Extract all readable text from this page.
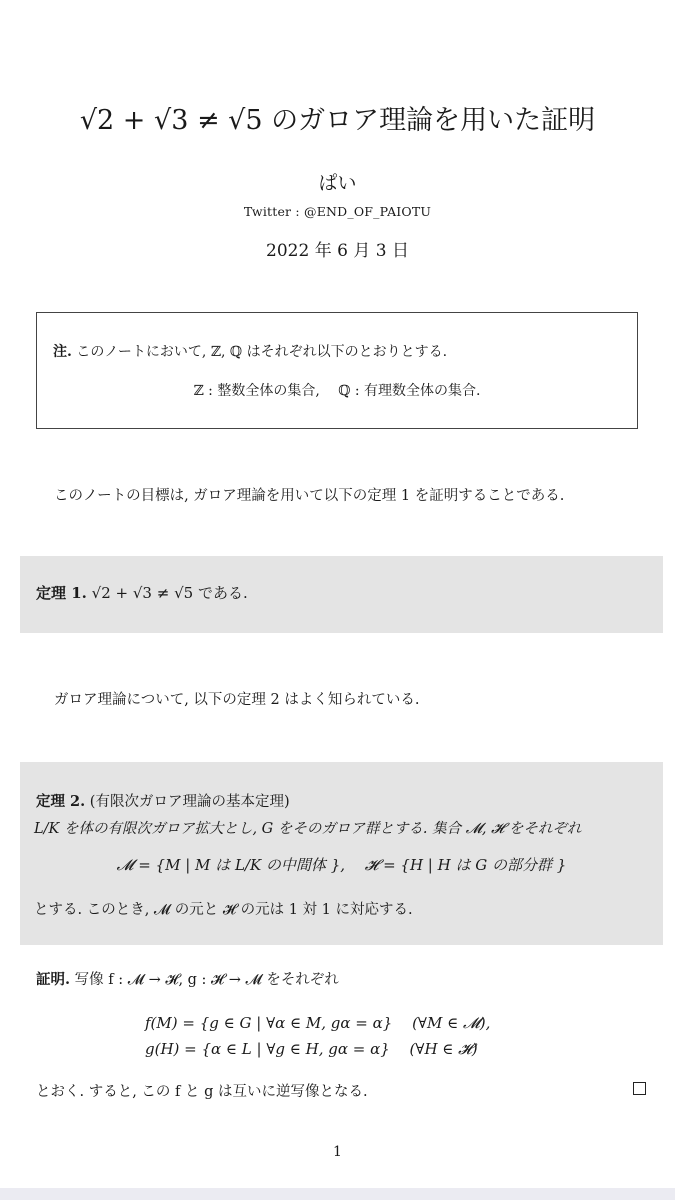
√2 + √3 ≠ √5 のガロア理論を用いた証明
ぱい
Twitter : @END_OF_PAIOTU
2022 年 6 月 3 日
注. このノートにおいて, ℤ, ℚ はそれぞれ以下のとおりとする.
ℤ : 整数全体の集合,　 ℚ : 有理数全体の集合.
このノートの目標は, ガロア理論を用いて以下の定理 1 を証明することである.
定理 1. √2 + √3 ≠ √5 である.
ガロア理論について, 以下の定理 2 はよく知られている.
定理 2. (有限次ガロア理論の基本定理)
L/K を体の有限次ガロア拡大とし, G をそのガロア群とする. 集合 𝓜, 𝓗 をそれぞれ
𝓜 = {M | M は L/K の中間体 },　 𝓗 = {H | H は G の部分群 }
とする. このとき, 𝓜 の元と 𝓗 の元は 1 対 1 に対応する.
証明. 写像 f : 𝓜 → 𝓗, g : 𝓗 → 𝓜 をそれぞれ
f(M) = {g ∈ G | ∀α ∈ M, gα = α}　 (∀M ∈ 𝓜),
g(H) = {α ∈ L | ∀g ∈ H, gα = α}　 (∀H ∈ 𝓗)
とおく. すると, この f と g は互いに逆写像となる.
1
